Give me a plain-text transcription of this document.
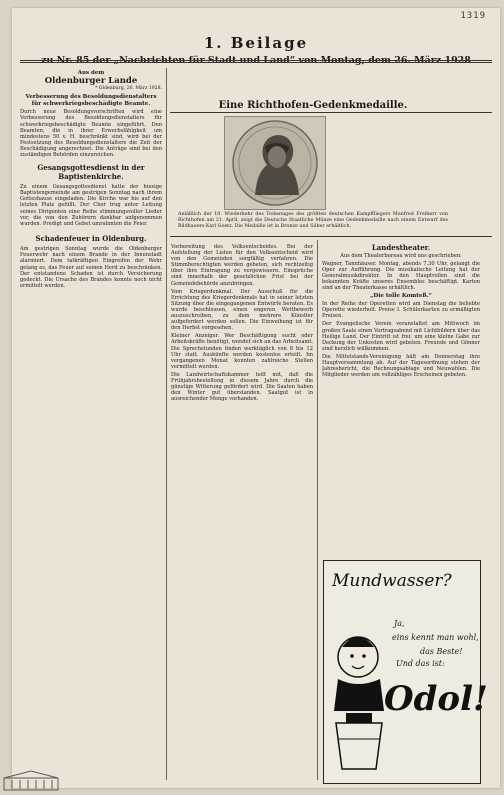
1319
1. Beilage
zu Nr. 85 der „Nachrichten für Stadt und Land“ von Montag, dem 26. März 1928
Aus dem
Oldenburger Lande
* Oldenburg, 26. März 1928.
Verbesserung des Besoldungsdienstalters für schwerkriegsbeschädigte Beamte.

Durch neue Besoldungsvorschriften wird eine Verbesserung des Besoldungsdienstalters für schwerkriegsbeschädigte Beamte eingeführt. Den Beamten, die in ihrer Erwerbsfähigkeit um mindestens 50 v. H. beschränkt sind, wird bei der Festsetzung des Besoldungsdienstalters die Zeit der Beschädigung angerechnet. Die Anträge sind bei den zuständigen Behörden einzureichen.

Gesangsgottesdienst in der Baptistenkirche.

Zu einem Gesangsgottesdienst hatte der hiesige Baptistengemeinde am gestrigen Sonntag nach ihrem Gotteshause eingeladen. Die Kirche war bis auf den letzten Platz gefüllt. Der Chor trug unter Leitung seines Dirigenten eine Reihe stimmungsvoller Lieder vor, die von den Zuhörern dankbar aufgenommen wurden. Predigt und Gebet umrahmten die Feier.

Schadenfeuer in Oldenburg.

Am gestrigen Sonntag wurde die Oldenburger Feuerwehr nach einem Brande in der Innenstadt alarmiert. Dem tatkräftigen Eingreifen der Wehr gelang es, das Feuer auf seinen Herd zu beschränken. Der entstandene Schaden ist durch Versicherung gedeckt. Die Ursache des Brandes konnte noch nicht ermittelt werden.

Eine Richthofen-Gedenkmedaille.
Anläßlich der 10. Wiederkehr des Todestages des größten deutschen Kampffliegers Manfred Freiherr von Richthofen am 21. April, zeigt die Deutsche Staatliche Münze eine Gedenkmedaille nach einem Entwurf des Bildhauers Karl Goetz. Die Medaille ist in Bronze und Silber erhältlich.

Vorbereitung des Volksentscheides. Bei der Aufstellung der Listen für den Volksentscheid wird von den Gemeinden sorgfältig verfahren. Die Stimmberechtigten werden gebeten, sich rechtzeitig über ihre Eintragung zu vergewissern. Einsprüche sind innerhalb der gesetzlichen Frist bei der Gemeindebehörde anzubringen.

Vom Kriegerdenkmal. Der Ausschuß für die Errichtung des Kriegerdenkmals hat in seiner letzten Sitzung über die eingegangenen Entwürfe beraten. Es wurde beschlossen, einen engeren Wettbewerb auszuschreiben, zu dem mehrere Künstler aufgefordert werden sollen. Die Einweihung ist für den Herbst vorgesehen.

Kleiner Anzeiger. Wer Beschäftigung sucht oder Arbeitskräfte benötigt, wendet sich an das Arbeitsamt. Die Sprechstunden finden werktäglich von 8 bis 12 Uhr statt. Auskünfte werden kostenlos erteilt. Im vergangenen Monat konnten zahlreiche Stellen vermittelt werden.

Die Landwirtschaftskammer teilt mit, daß die Frühjahrsbestellung in diesem Jahre durch die günstige Witterung gefördert wird. Die Saaten haben den Winter gut überstanden. Saatgut ist in ausreichender Menge vorhanden.

Landestheater.
Aus dem Theaterbureau wird uns geschrieben:

Wagner, Tannhäuser. Montag, abends 7.30 Uhr, gelangt die Oper zur Aufführung. Die musikalische Leitung hat der Generalmusikdirektor. In den Hauptrollen sind die bekannten Kräfte unseres Ensembles beschäftigt. Karten sind an der Theaterkasse erhältlich.

„Die tolle Komteß.“

In der Reihe der Operetten wird am Dienstag die beliebte Operette wiederholt. Preise I. Schülerkarten zu ermäßigten Preisen.

Der Evangelische Verein veranstaltet am Mittwoch im großen Saale einen Vortragsabend mit Lichtbildern über das Heilige Land. Der Eintritt ist frei; um eine kleine Gabe zur Deckung der Unkosten wird gebeten. Freunde und Gönner sind herzlich willkommen.

Die Mittelstands-Vereinigung hält am Donnerstag ihre Hauptversammlung ab. Auf der Tagesordnung stehen der Jahresbericht, die Rechnungsablage und Neuwahlen. Die Mitglieder werden um vollzähliges Erscheinen gebeten.

Mundwasser?
Ja,
eins kennt man wohl,
das Beste!
Und das ist:
Odol!
